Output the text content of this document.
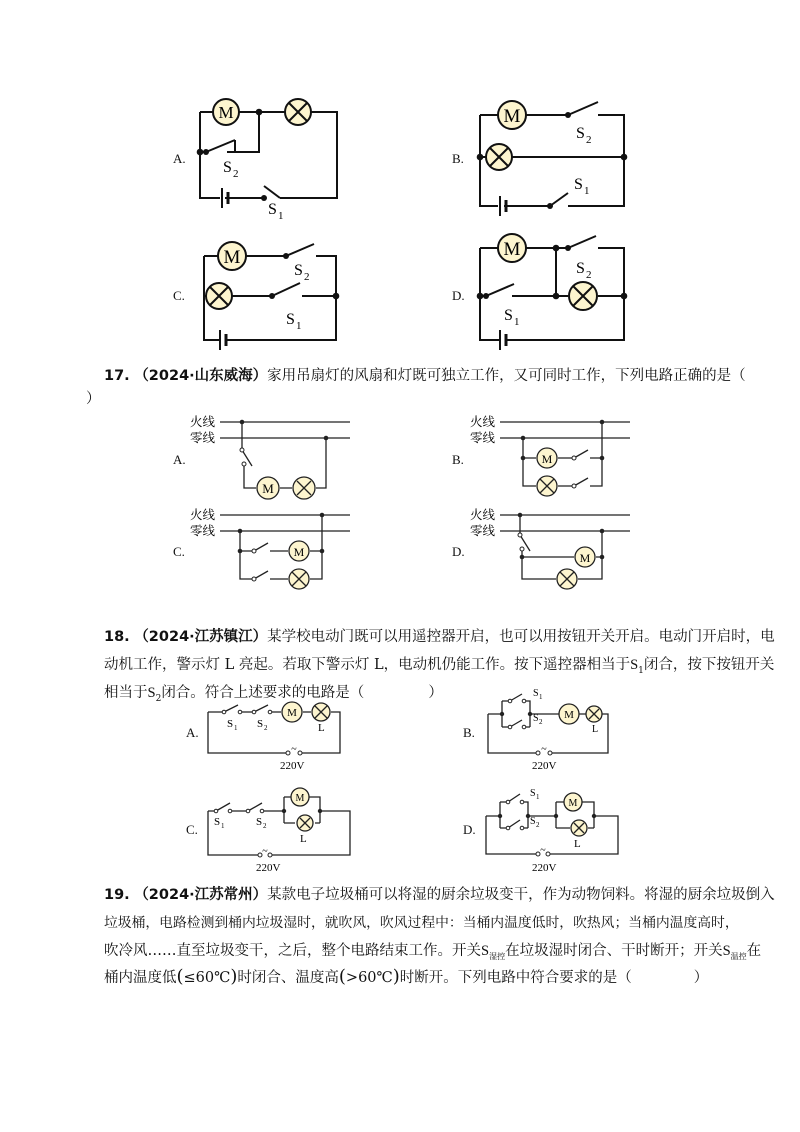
A.
M
S 2
S 1
B.
M
S 2
S 1
C.
M
S 2
S 1
D.
M
S 2
S 1
17. （2024·山东威海）家用吊扇灯的风扇和灯既可独立工作，又可同时工作，下列电路正确的是（
）
A.
火线
零线
M
B.
火线
零线
M
C.
火线
零线
M	D.
火线
零线
M
18. （2024·江苏镇江）某学校电动门既可以用遥控器开启，也可以用按钮开关开启。电动门开启时，电
动机工作，警示灯 L 亮起。若取下警示灯 L，电动机仍能工作。按下遥控器相当于$S_1$闭合，按下按钮开关
相当于$S_2$闭合。符合上述要求的电路是（	）
A.
M
S 1 S 2	L
~
220V
B.
M
S 1
S 2
L
~
220V
C.
M
S 1	S 2
L
~
220V
D.
M
S 1
S 2
L
~
220V
19. （2024·江苏常州）某款电子垃圾桶可以将湿的厨余垃圾变干，作为动物饲料。将湿的厨余垃圾倒入
垃圾桶，电路检测到桶内垃圾湿时，就吹风，吹风过程中：当桶内温度低时，吹热风；当桶内温度高时，
吹冷风……直至垃圾变干，之后，整个电路结束工作。开关$S_{湿控}$在垃圾湿时闭合、干时断开；开关$S_{温控}$在
桶内温度低(≤60℃)时闭合、温度高(>60℃)时断开。下列电路中符合要求的是（	）
